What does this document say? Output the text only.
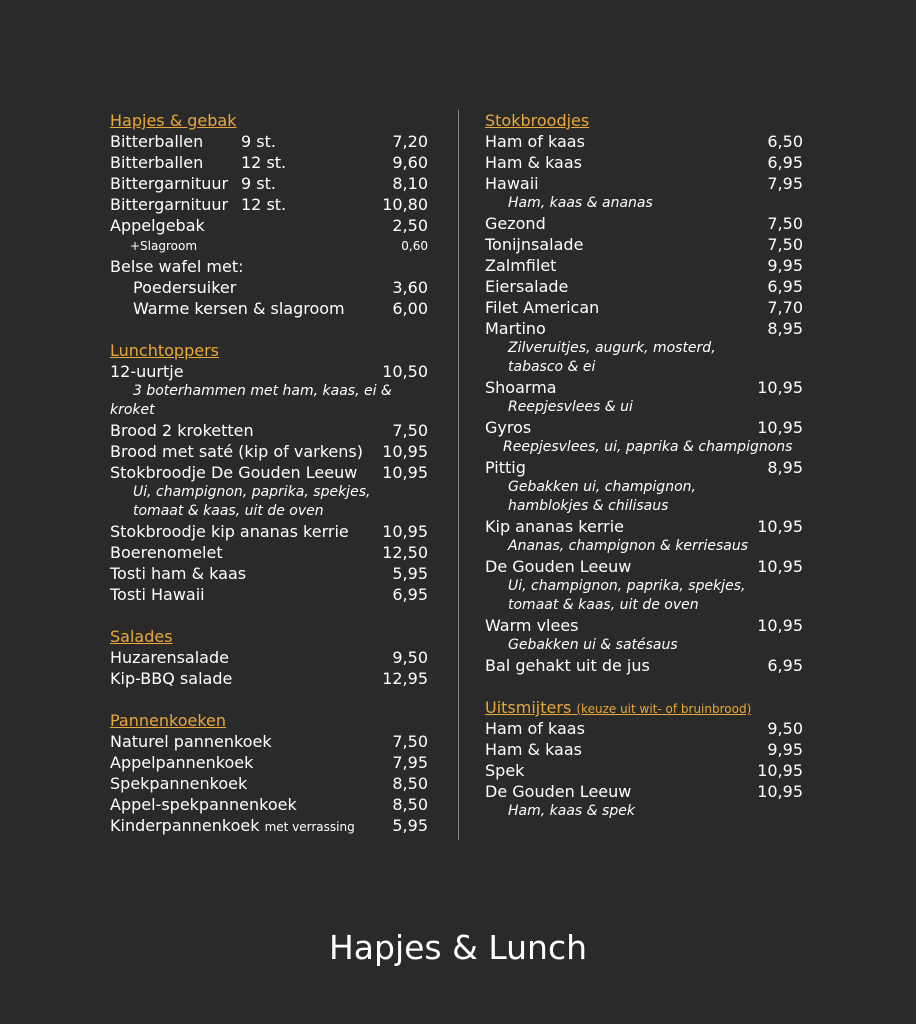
Hapjes & gebak
Bitterballen 9 st.	7,20
Bitterballen 12 st.	9,60
Bittergarnituur 9 st.	8,10
Bittergarnituur 12 st.	10,80
Appelgebak	2,50
+Slagroom	0,60
Belse wafel met:
Poedersuiker	3,60
Warme kersen & slagroom	6,00
Lunchtoppers
12-uurtje	10,50
3 boterhammen met ham, kaas, ei &
kroket
Brood 2 kroketten	7,50
Brood met saté (kip of varkens) 10,95
Stokbroodje De Gouden Leeuw 10,95
Ui, champignon, paprika, spekjes,
tomaat & kaas, uit de oven
Stokbroodje kip ananas kerrie 10,95
Boerenomelet	12,50
Tosti ham & kaas	5,95
Tosti Hawaii	6,95
Salades
Huzarensalade	9,50
Kip-BBQ salade	12,95
Pannenkoeken
Naturel pannenkoek	7,50
Appelpannenkoek	7,95
Spekpannenkoek	8,50
Appel-spekpannenkoek	8,50
Kinderpannenkoek met verrassing 5,95
Stokbroodjes
Ham of kaas	6,50
Ham & kaas	6,95
Hawaii	7,95
Ham, kaas & ananas
Gezond	7,50
Tonijnsalade	7,50
Zalmfilet	9,95
Eiersalade	6,95
Filet American	7,70
Martino	8,95
Zilveruitjes, augurk, mosterd,
tabasco & ei
Shoarma	10,95
Reepjesvlees & ui
Gyros	10,95
Reepjesvlees, ui, paprika & champignons
Pittig	8,95
Gebakken ui, champignon,
hamblokjes & chilisaus
Kip ananas kerrie	10,95
Ananas, champignon & kerriesaus
De Gouden Leeuw	10,95
Ui, champignon, paprika, spekjes,
tomaat & kaas, uit de oven
Warm vlees	10,95
Gebakken ui & satésaus
Bal gehakt uit de jus	6,95
Uitsmijters (keuze uit wit- of bruinbrood)
Ham of kaas	9,50
Ham & kaas	9,95
Spek	10,95
De Gouden Leeuw	10,95
Ham, kaas & spek
Hapjes & Lunch
